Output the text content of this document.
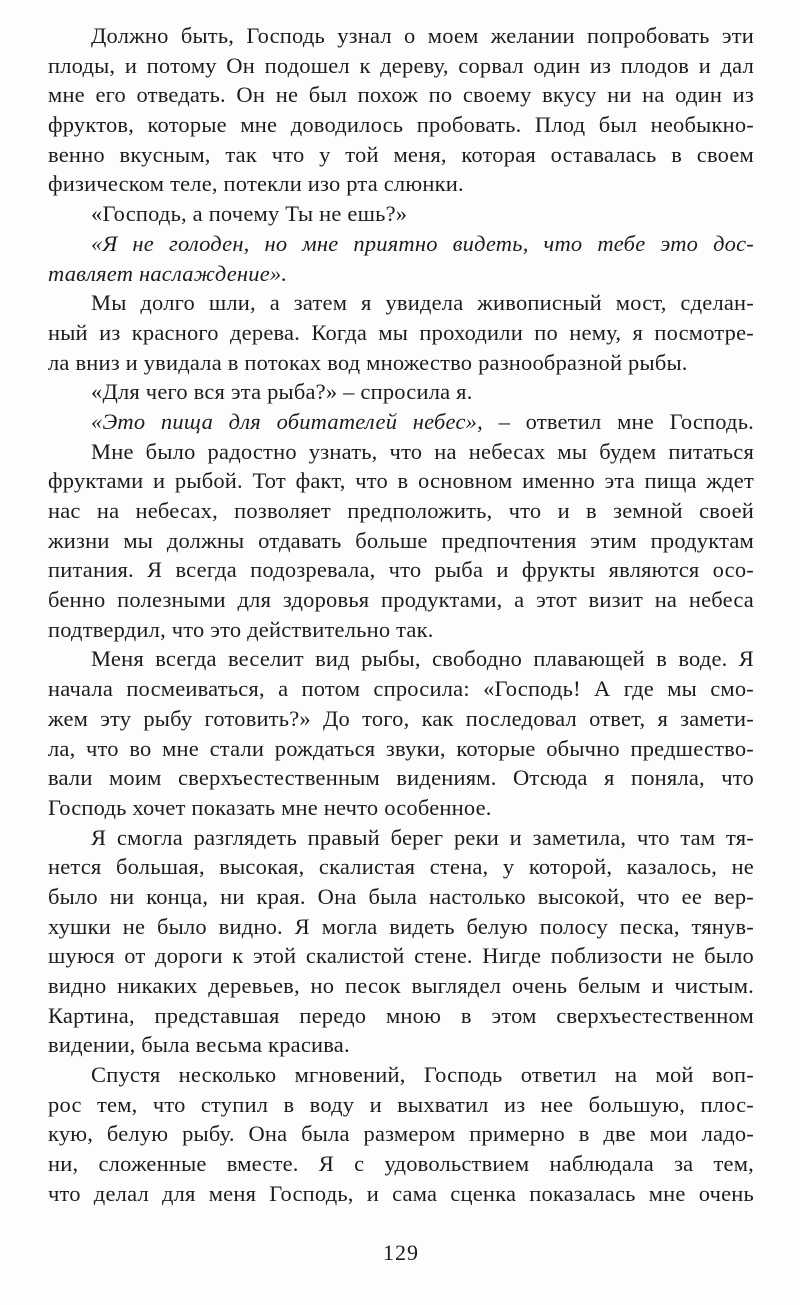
Должно быть, Господь узнал о моем желании попробовать эти
плоды, и потому Он подошел к дереву, сорвал один из плодов и дал
мне его отведать. Он не был похож по своему вкусу ни на один из
фруктов, которые мне доводилось пробовать. Плод был необыкно-
венно вкусным, так что у той меня, которая оставалась в своем
физическом теле, потекли изо рта слюнки.
«Господь, а почему Ты не ешь?»
«Я не голоден, но мне приятно видеть, что тебе это дос-
тавляет наслаждение».
Мы долго шли, а затем я увидела живописный мост, сделан-
ный из красного дерева. Когда мы проходили по нему, я посмотре-
ла вниз и увидала в потоках вод множество разнообразной рыбы.
«Для чего вся эта рыба?» – спросила я.
«Это пища для обитателей небес», – ответил мне Господь.
Мне было радостно узнать, что на небесах мы будем питаться
фруктами и рыбой. Тот факт, что в основном именно эта пища ждет
нас на небесах, позволяет предположить, что и в земной своей
жизни мы должны отдавать больше предпочтения этим продуктам
питания. Я всегда подозревала, что рыба и фрукты являются осо-
бенно полезными для здоровья продуктами, а этот визит на небеса
подтвердил, что это действительно так.
Меня всегда веселит вид рыбы, свободно плавающей в воде. Я
начала посмеиваться, а потом спросила: «Господь! А где мы смо-
жем эту рыбу готовить?» До того, как последовал ответ, я замети-
ла, что во мне стали рождаться звуки, которые обычно предшество-
вали моим сверхъестественным видениям. Отсюда я поняла, что
Господь хочет показать мне нечто особенное.
Я смогла разглядеть правый берег реки и заметила, что там тя-
нется большая, высокая, скалистая стена, у которой, казалось, не
было ни конца, ни края. Она была настолько высокой, что ее вер-
хушки не было видно. Я могла видеть белую полосу песка, тянув-
шуюся от дороги к этой скалистой стене. Нигде поблизости не было
видно никаких деревьев, но песок выглядел очень белым и чистым.
Картина, представшая передо мною в этом сверхъестественном
видении, была весьма красива.
Спустя несколько мгновений, Господь ответил на мой воп-
рос тем, что ступил в воду и выхватил из нее большую, плос-
кую, белую рыбу. Она была размером примерно в две мои ладо-
ни, сложенные вместе. Я с удовольствием наблюдала за тем,
что делал для меня Господь, и сама сценка показалась мне очень
129
